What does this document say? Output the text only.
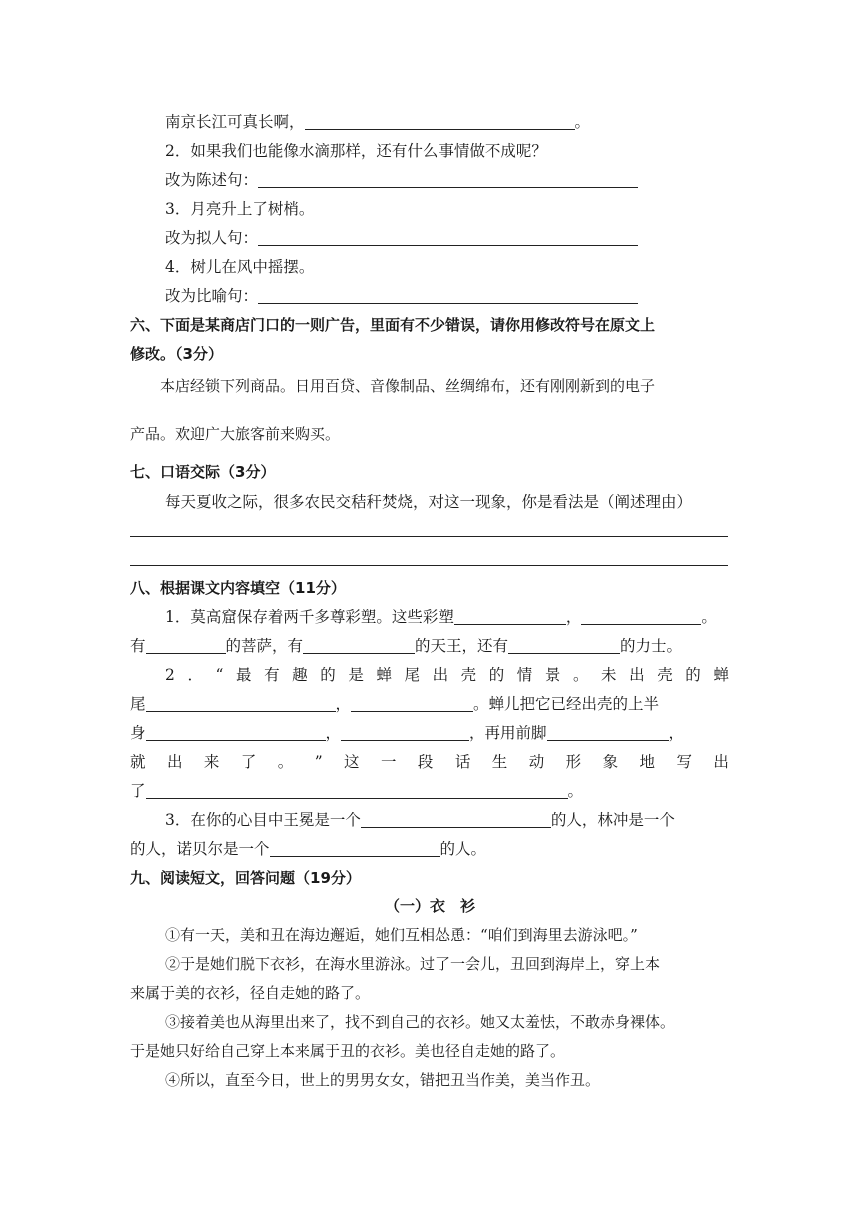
南京长江可真长啊，	。
2．如果我们也能像水滴那样，还有什么事情做不成呢？
改为陈述句：
3．月亮升上了树梢。
改为拟人句：
4．树儿在风中摇摆。
改为比喻句：
六、下面是某商店门口的一则广告，里面有不少错误，请你用修改符号在原文上
修改。（3分）
本店经锁下列商品。日用百贷、音像制品、丝绸绵布，还有刚刚新到的电子
产品。欢迎广大旅客前来购买。
七、口语交际（3分）
每天夏收之际，很多农民交秸秆焚烧，对这一现象，你是看法是（阐述理由）
八、根据课文内容填空（11分）
1．莫高窟保存着两千多尊彩塑。这些彩塑	，	。
有	的菩萨，有	的天王，还有	的力士。
2 ． “ 最 有 趣 的 是 蝉 尾 出 壳 的 情 景 。 未 出 壳 的 蝉
尾	，	。蝉儿把它已经出壳的上半
身	，	，再用前脚	，
就 出 来 了 。 ” 这 一 段 话 生 动 形 象 地 写 出
了	。
3．在你的心目中王冕是一个	的人，林冲是一个
的人，诺贝尔是一个	的人。
九、阅读短文，回答问题（19分）
（一）衣　衫
①有一天，美和丑在海边邂逅，她们互相怂恿：“咱们到海里去游泳吧。”
②于是她们脱下衣衫，在海水里游泳。过了一会儿，丑回到海岸上，穿上本
来属于美的衣衫，径自走她的路了。
③接着美也从海里出来了，找不到自己的衣衫。她又太羞怯，不敢赤身裸体。
于是她只好给自己穿上本来属于丑的衣衫。美也径自走她的路了。
④所以，直至今日，世上的男男女女，错把丑当作美，美当作丑。
